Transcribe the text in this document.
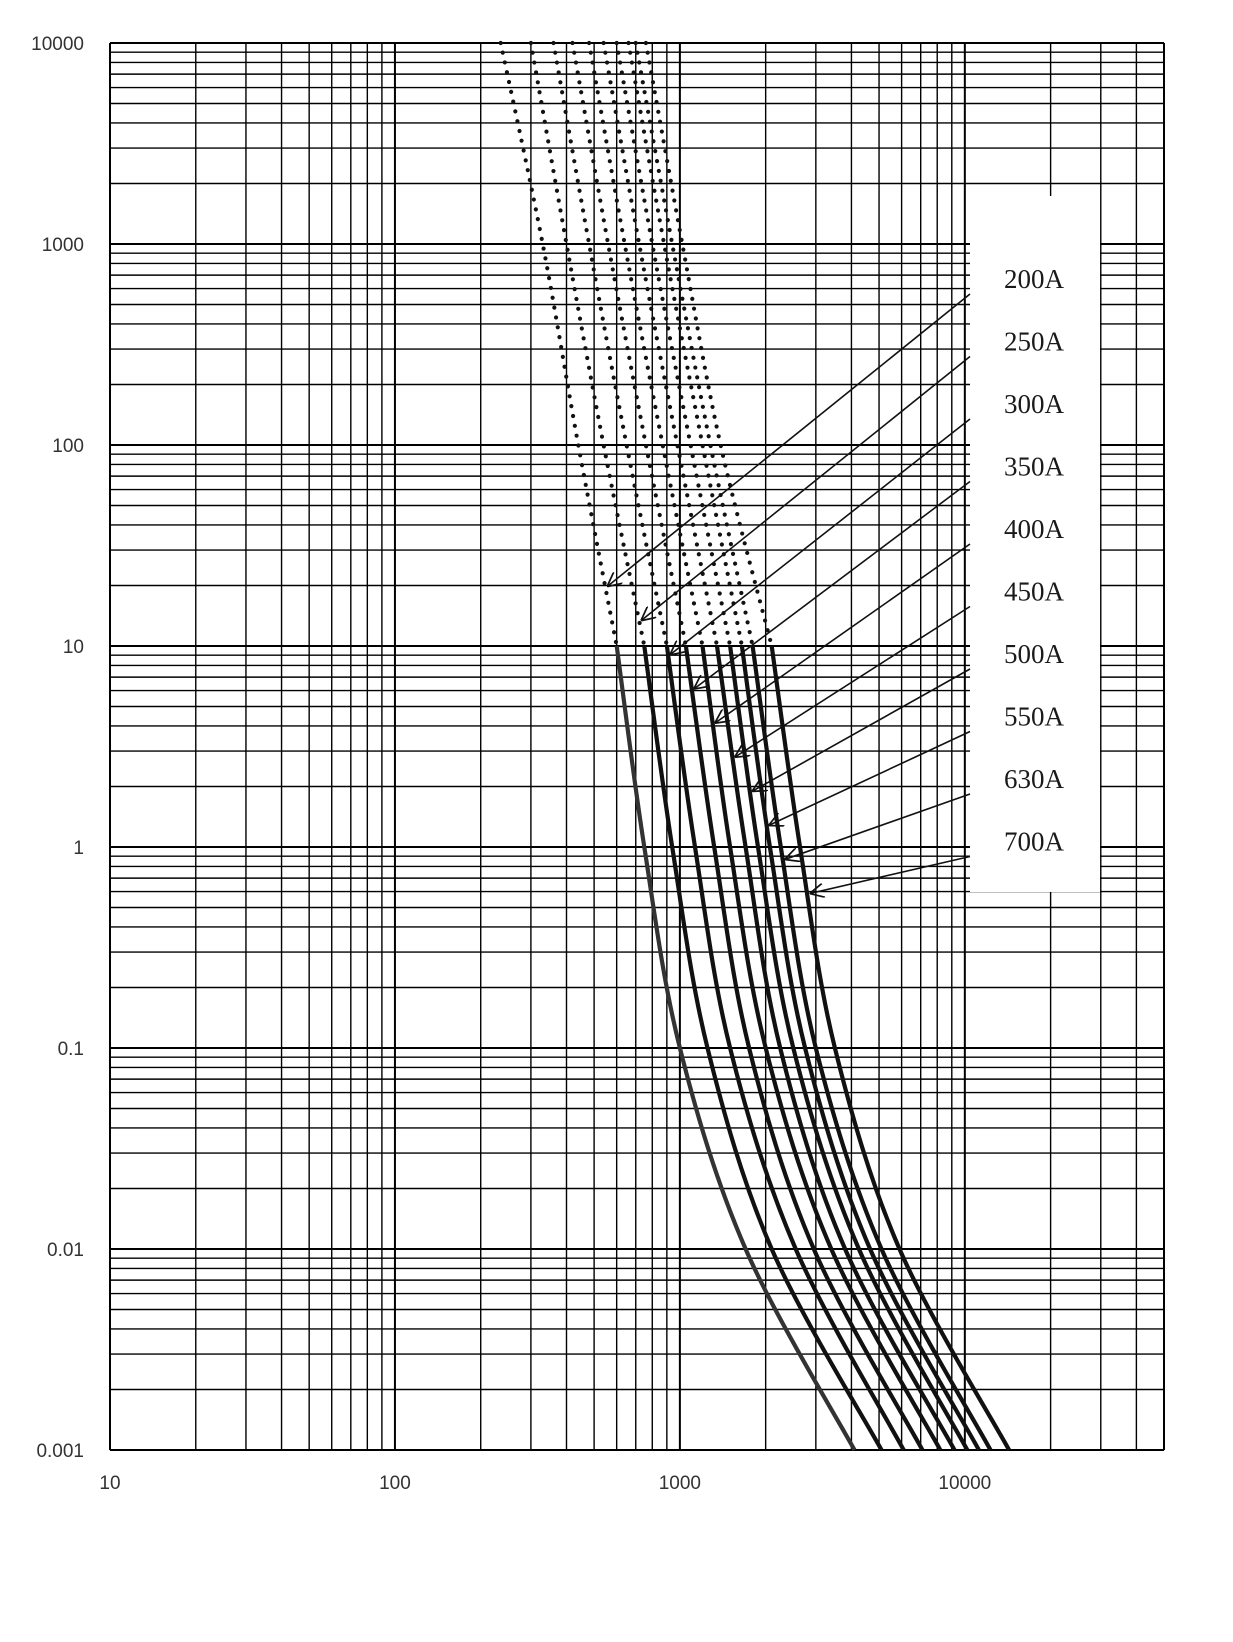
200A
250A
300A
350A
400A
450A
500A
550A
630A
700A
10	100	1000	10000
10000
1000
100
10
1
0.1
0.01
0.001
